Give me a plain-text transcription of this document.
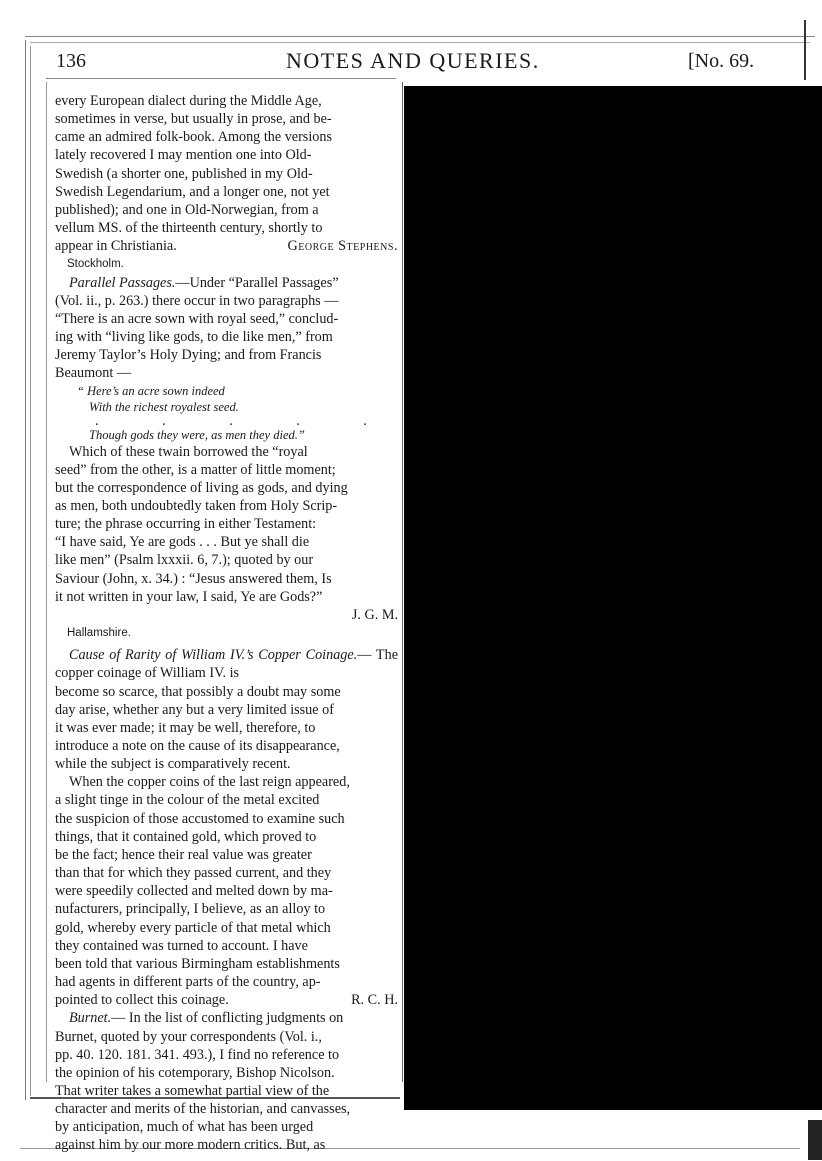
136	NOTES AND QUERIES.	[No. 69.

every European dialect during the Middle Age,

sometimes in verse, but usually in prose, and be-

came an admired folk-book. Among the versions

lately recovered I may mention one into Old-

Swedish (a shorter one, published in my Old-

Swedish Legendarium, and a longer one, not yet

published); and one in Old-Norwegian, from a

vellum MS. of the thirteenth century, shortly to

appear in Christiania.	George Stephens.

Stockholm.

Parallel Passages.—Under “Parallel Passages”

(Vol. ii., p. 263.) there occur in two paragraphs —

“There is an acre sown with royal seed,” conclud-

ing with “living like gods, to die like men,” from

Jeremy Taylor’s Holy Dying; and from Francis

Beaumont —

“ Here’s an acre sown indeed

With the richest royalest seed.

. . . . .

Though gods they were, as men they died.”

Which of these twain borrowed the “royal

seed” from the other, is a matter of little moment;

but the correspondence of living as gods, and dying

as men, both undoubtedly taken from Holy Scrip-

ture; the phrase occurring in either Testament:

“I have said, Ye are gods . . . But ye shall die

like men” (Psalm lxxxii. 6, 7.); quoted by our

Saviour (John, x. 34.) : “Jesus answered them, Is

it not written in your law, I said, Ye are Gods?”

J. G. M.

Hallamshire.

Cause of Rarity of William IV.’s Copper Coinage.— The copper coinage of William IV. is

become so scarce, that possibly a doubt may some

day arise, whether any but a very limited issue of

it was ever made; it may be well, therefore, to

introduce a note on the cause of its disappearance,

while the subject is comparatively recent.

When the copper coins of the last reign appeared,

a slight tinge in the colour of the metal excited

the suspicion of those accustomed to examine such

things, that it contained gold, which proved to

be the fact; hence their real value was greater

than that for which they passed current, and they

were speedily collected and melted down by ma-

nufacturers, principally, I believe, as an alloy to

gold, whereby every particle of that metal which

they contained was turned to account. I have

been told that various Birmingham establishments

had agents in different parts of the country, ap-

pointed to collect this coinage.	R. C. H.

Burnet.— In the list of conflicting judgments on

Burnet, quoted by your correspondents (Vol. i.,

pp. 40. 120. 181. 341. 493.), I find no reference to

the opinion of his cotemporary, Bishop Nicolson.

That writer takes a somewhat partial view of the

character and merits of the historian, and canvasses,

by anticipation, much of what has been urged

against him by our more modern critics. But, as
